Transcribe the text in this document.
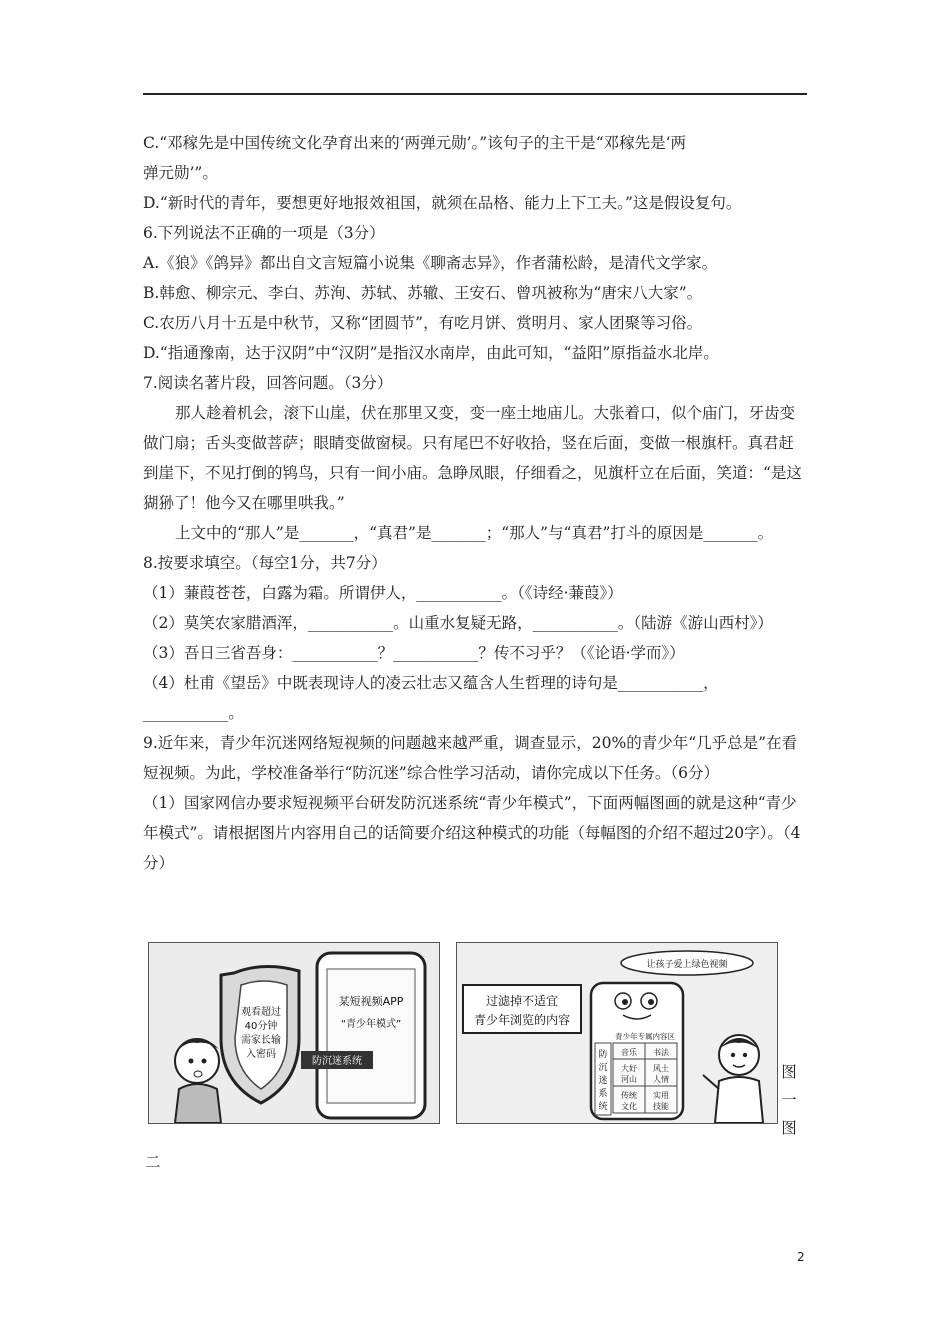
C.“邓稼先是中国传统文化孕育出来的‘两弹元勋’。”该句子的主干是“邓稼先是‘两

弹元勋’”。

D.“新时代的青年，要想更好地报效祖国，就须在品格、能力上下工夫。”这是假设复句。

6.下列说法不正确的一项是（3分）

A.《狼》《鸽异》都出自文言短篇小说集《聊斋志异》，作者蒲松龄，是清代文学家。

B.韩愈、柳宗元、李白、苏洵、苏轼、苏辙、王安石、曾巩被称为“唐宋八大家”。

C.农历八月十五是中秋节，又称“团圆节”，有吃月饼、赏明月、家人团聚等习俗。

D.“指通豫南，达于汉阴”中“汉阴”是指汉水南岸，由此可知，“益阳”原指益水北岸。

7.阅读名著片段，回答问题。（3分）

那人趁着机会，滚下山崖，伏在那里又变，变一座土地庙儿。大张着口，似个庙门，牙齿变做门扇；舌头变做菩萨；眼睛变做窗棂。只有尾巴不好收拾，竖在后面，变做一根旗杆。真君赶到崖下，不见打倒的鸨鸟，只有一间小庙。急睁凤眼，仔细看之，见旗杆立在后面，笑道：“是这猢狲了！他今又在哪里哄我。”

上文中的“那人”是_______，“真君”是_______；“那人”与“真君”打斗的原因是_______。

8.按要求填空。（每空1分，共7分）

（1）蒹葭苍苍，白露为霜。所谓伊人，___________。（《诗经·蒹葭》）

（2）莫笑农家腊酒浑，___________。山重水复疑无路，___________。（陆游《游山西村》）

（3）吾日三省吾身：___________？___________？传不习乎？（《论语·学而》）

（4）杜甫《望岳》中既表现诗人的凌云壮志又蕴含人生哲理的诗句是___________，___________。

9.近年来，青少年沉迷网络短视频的问题越来越严重，调查显示，20%的青少年“几乎总是”在看短视频。为此，学校准备举行“防沉迷”综合性学习活动，请你完成以下任务。（6分）

（1）国家网信办要求短视频平台研发防沉迷系统“青少年模式”，下面两幅图画的就是这种“青少年模式”。请根据图片内容用自己的话简要介绍这种模式的功能（每幅图的介绍不超过20字）。（4分）

某短视频APP
“青少年模式”
观看超过
40分钟
需家长输
入密码
防沉迷系统
让孩子爱上绿色视频
过滤掉不适宜
青少年浏览的内容
青少年专属内容区
音乐 书法
大好
河山
风土
人情
传统
文化
实用
技能
防
沉
迷
系
统
图一图
二
2
